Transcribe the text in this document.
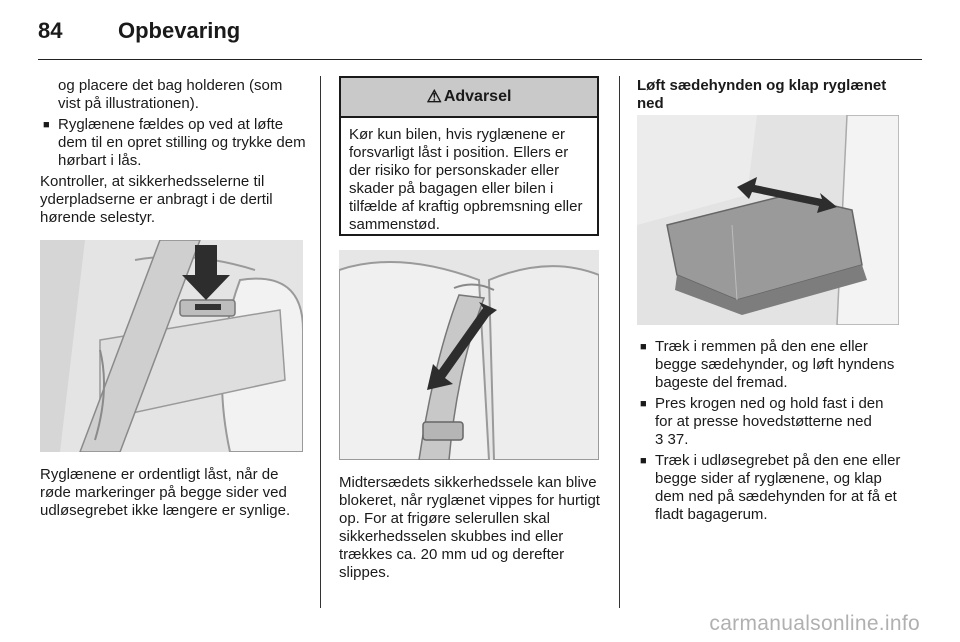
84	Opbevaring

og placere det bag holderen (som vist på illustrationen).

■ Ryglænene fældes op ved at løfte dem til en opret stilling og trykke dem hørbart i lås.

Kontroller, at sikkerhedsselerne til yderpladserne er anbragt i de dertil hørende selestyr.

Ryglænene er ordentligt låst, når de røde markeringer på begge sider ved udløsegrebet ikke længere er synlige.

⚠ Advarsel
Kør kun bilen, hvis ryglænene er forsvarligt låst i position. Ellers er der risiko for personskader eller skader på bagagen eller bilen i tilfælde af kraftig opbremsning eller sammenstød.

Midtersædets sikkerhedssele kan blive blokeret, når ryglænet vippes for hurtigt op. For at frigøre selerullen skal sikkerhedsselen skubbes ind eller trækkes ca. 20 mm ud og derefter slippes.

Løft sædehynden og klap ryglænet ned

■ Træk i remmen på den ene eller begge sædehynder, og løft hyndens bageste del fremad.

■ Pres krogen ned og hold fast i den for at presse hovedstøtterne ned
3 37.

■ Træk i udløsegrebet på den ene eller begge sider af ryglænene, og klap dem ned på sædehynden for at få et fladt bagagerum.

carmanualsonline.info
